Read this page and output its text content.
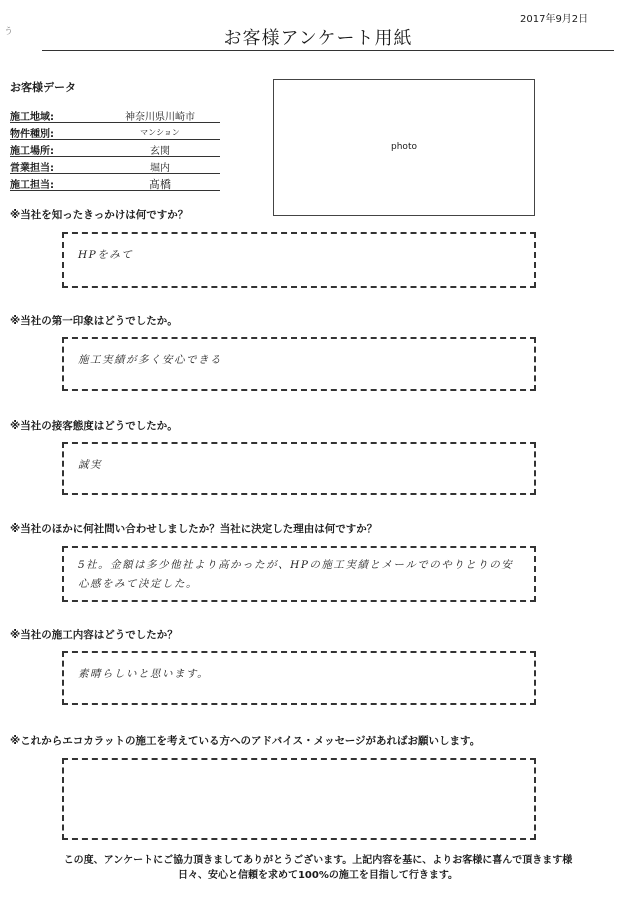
2017年9月2日
う	お客様アンケート用紙
お客様データ
施工地域:	神奈川県川崎市
物件種別:	マンション
施工場所:	玄関
営業担当:	堀内
施工担当:	髙橋
photo
※当社を知ったきっかけは何ですか？
HPをみて
※当社の第一印象はどうでしたか。
施工実績が多く安心できる
※当社の接客態度はどうでしたか。
誠実
※当社のほかに何社問い合わせしましたか？当社に決定した理由は何ですか？
5社。金額は多少他社より高かったが、HPの施工実績とメールでのやりとりの安心感をみて決定した。
※当社の施工内容はどうでしたか？
素晴らしいと思います。
※これからエコカラットの施工を考えている方へのアドバイス・メッセージがあればお願いします。
この度、アンケートにご協力頂きましてありがとうございます。上記内容を基に、よりお客様に喜んで頂きます様
日々、安心と信頼を求めて100%の施工を目指して行きます。
